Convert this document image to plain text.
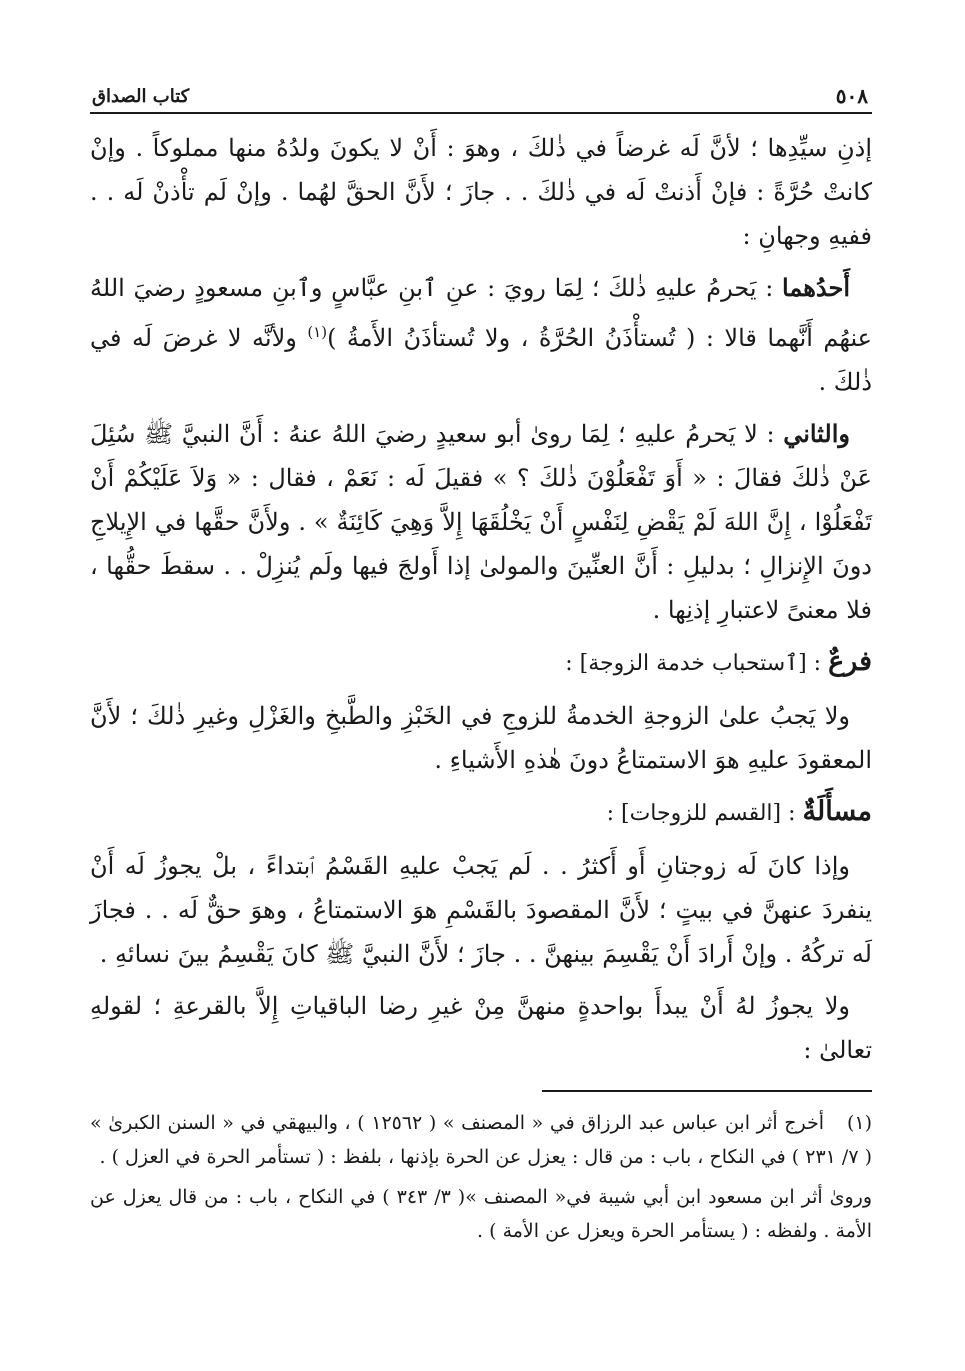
٥٠٨
كتاب الصداق

إذنِ سيِّدِها ؛ لأنَّ لَه غرضاً في ذٰلكَ ، وهوَ : أَنْ لا يكونَ ولدُهُ منها مملوكاً . وإنْ كانتْ حُرَّةً : فإنْ أَذنتْ لَه في ذٰلكَ . . جازَ ؛ لأَنَّ الحقَّ لهُما . وإنْ لَم تأْذنْ لَه . . ففيهِ وجهانِ :

أَحدُهما : يَحرمُ عليهِ ذٰلكَ ؛ لِمَا رويَ : عنِ ٱبنِ عبَّاسٍ وٱبنِ مسعودٍ رضيَ اللهُ عنهُم أَنَّهما قالا : ( تُستأْذَنُ الحُرَّةُ ، ولا تُستأذَنُ الأَمةُ )$^{(١)}$ ولأنَّه لا غرضَ لَه في ذٰلكَ .

والثاني : لا يَحرمُ عليهِ ؛ لِمَا روىٰ أبو سعيدٍ رضيَ اللهُ عنهُ : أَنَّ النبيَّ ﷺ سُئِلَ عَنْ ذٰلكَ فقالَ : « أَوَ تَفْعَلُوْنَ ذٰلكَ ؟ » فقيلَ لَه : نَعَمْ ، فقال : « وَلاَ عَلَيْكُمْ أَنْ تَفْعَلُوْا ، إِنَّ اللهَ لَمْ يَقْضِ لِنَفْسٍ أَنْ يَخْلُقَهَا إِلاَّ وَهِيَ كَائِنَةٌ » . ولأَنَّ حقَّها في الإِيلاجِ دونَ الإِنزالِ ؛ بدليلِ : أَنَّ العنِّينَ والمولىٰ إذا أَولجَ فيها ولَم يُنزِلْ . . سقطَ حقُّها ، فلا معنىً لاعتبارِ إذنِها .

فرعٌ : [ٱستحباب خدمة الزوجة] :

ولا يَجبُ علىٰ الزوجةِ الخدمةُ للزوجِ في الخَبْزِ والطَّبخِ والغَزْلِ وغيرِ ذٰلكَ ؛ لأَنَّ المعقودَ عليهِ هوَ الاستمتاعُ دونَ هٰذهِ الأَشياءِ .

مسأَلَةٌ : [القسم للزوجات] :

وإذا كانَ لَه زوجتانِ أَو أَكثرُ . . لَم يَجبْ عليهِ القَسْمُ ٱبتداءً ، بلْ يجوزُ لَه أَنْ ينفردَ عنهنَّ في بيتٍ ؛ لأَنَّ المقصودَ بالقَسْمِ هوَ الاستمتاعُ ، وهوَ حقٌّ لَه . . فجازَ لَه تركُهُ . وإنْ أَرادَ أَنْ يَقْسِمَ بينهنَّ . . جازَ ؛ لأَنَّ النبيَّ ﷺ كانَ يَقْسِمُ بينَ نسائهِ .

ولا يجوزُ لهُ أَنْ يبدأَ بواحدةٍ منهنَّ مِنْ غيرِ رضا الباقياتِ إِلاَّ بالقرعةِ ؛ لقولهِ تعالىٰ :

(١)أخرج أثر ابن عباس عبد الرزاق في « المصنف » ( ١٢٥٦٢ ) ، والبيهقي في « السنن الكبرىٰ » ( ٧/ ٢٣١ ) في النكاح ، باب : من قال : يعزل عن الحرة بإذنها ، بلفظ : ( تستأمر الحرة في العزل ) .

وروىٰ أثر ابن مسعود ابن أبي شيبة في« المصنف »( ٣/ ٣٤٣ ) في النكاح ، باب : من قال يعزل عن الأمة . ولفظه : ( يستأمر الحرة ويعزل عن الأمة ) .
